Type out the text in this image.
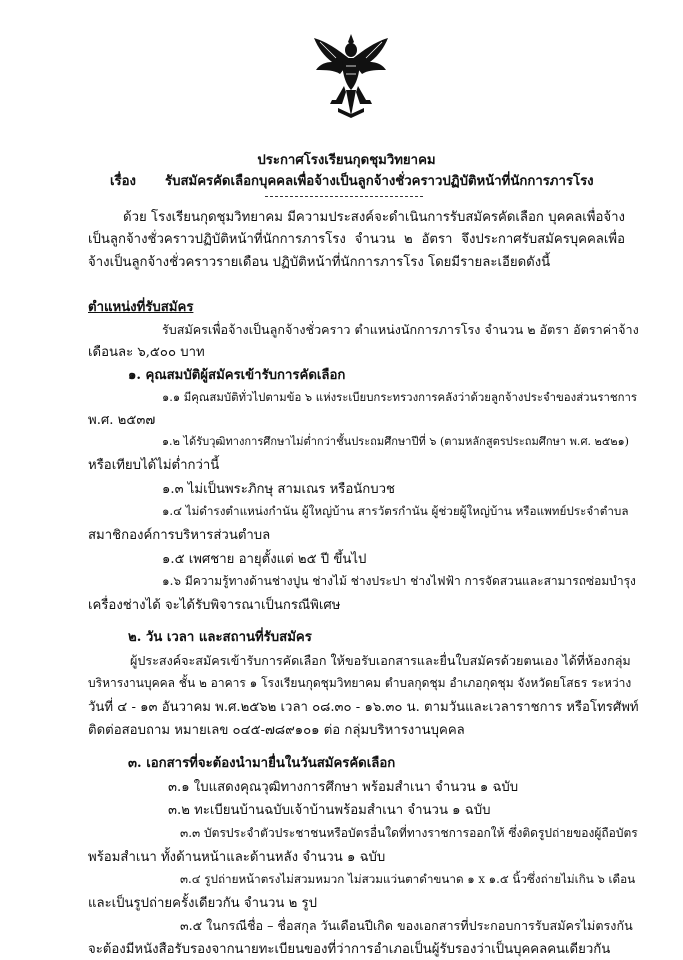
ประกาศโรงเรียนกุดชุมวิทยาคม
เรื่อง รับสมัครคัดเลือกบุคคลเพื่อจ้างเป็นลูกจ้างชั่วคราวปฏิบัติหน้าที่นักการภารโรง
ด้วย โรงเรียนกุดชุมวิทยาคม มีความประสงค์จะดำเนินการรับสมัครคัดเลือก บุคคลเพื่อจ้างเป็นลูกจ้างชั่วคราวปฏิบัติหน้าที่นักการภารโรง จำนวน ๒ อัตรา จึงประกาศรับสมัครบุคคลเพื่อจ้างเป็นลูกจ้างชั่วคราวรายเดือน ปฏิบัติหน้าที่นักการภารโรง โดยมีรายละเอียดดังนี้
ตำแหน่งที่รับสมัคร
รับสมัครเพื่อจ้างเป็นลูกจ้างชั่วคราว ตำแหน่งนักการภารโรง จำนวน ๒ อัตรา อัตราค่าจ้าง
เดือนละ ๖,๕๐๐ บาท
๑. คุณสมบัติผู้สมัครเข้ารับการคัดเลือก
๑.๑ มีคุณสมบัติทั่วไปตามข้อ ๖ แห่งระเบียบกระทรวงการคลังว่าด้วยลูกจ้างประจำของส่วนราชการ
พ.ศ. ๒๕๓๗
๑.๒ ได้รับวุฒิทางการศึกษาไม่ต่ำกว่าชั้นประถมศึกษาปีที่ ๖ (ตามหลักสูตรประถมศึกษา พ.ศ. ๒๕๒๑)
หรือเทียบได้ไม่ต่ำกว่านี้
๑.๓ ไม่เป็นพระภิกษุ สามเณร หรือนักบวช
๑.๔ ไม่ดำรงตำแหน่งกำนัน ผู้ใหญ่บ้าน สารวัตรกำนัน ผู้ช่วยผู้ใหญ่บ้าน หรือแพทย์ประจำตำบล
สมาชิกองค์การบริหารส่วนตำบล
๑.๕ เพศชาย อายุตั้งแต่ ๒๕ ปี ขึ้นไป
๑.๖ มีความรู้ทางด้านช่างปูน ช่างไม้ ช่างประปา ช่างไฟฟ้า การจัดสวนและสามารถซ่อมบำรุง
เครื่องช่างได้ จะได้รับพิจารณาเป็นกรณีพิเศษ
๒. วัน เวลา และสถานที่รับสมัคร
ผู้ประสงค์จะสมัครเข้ารับการคัดเลือก ให้ขอรับเอกสารและยื่นใบสมัครด้วยตนเอง ได้ที่ห้องกลุ่ม
บริหารงานบุคคล ชั้น ๒ อาคาร ๑ โรงเรียนกุดชุมวิทยาคม ตำบลกุดชุม อำเภอกุดชุม จังหวัดยโสธร ระหว่าง
วันที่ ๔ - ๑๓ อันวาคม พ.ศ.๒๕๖๒ เวลา ๐๘.๓๐ - ๑๖.๓๐ น. ตามวันและเวลาราชการ หรือโทรศัพท์
ติดต่อสอบถาม หมายเลข ๐๔๕-๗๘๙๑๐๑ ต่อ กลุ่มบริหารงานบุคคล
๓. เอกสารที่จะต้องนำมายื่นในวันสมัครคัดเลือก
๓.๑ ใบแสดงคุณวุฒิทางการศึกษา พร้อมสำเนา จำนวน ๑ ฉบับ
๓.๒ ทะเบียนบ้านฉบับเจ้าบ้านพร้อมสำเนา จำนวน ๑ ฉบับ
๓.๓ บัตรประจำตัวประชาชนหรือบัตรอื่นใดที่ทางราชการออกให้ ซึ่งติดรูปถ่ายของผู้ถือบัตร
พร้อมสำเนา ทั้งด้านหน้าและด้านหลัง จำนวน ๑ ฉบับ
๓.๔ รูปถ่ายหน้าตรงไม่สวมหมวก ไม่สวมแว่นตาดำขนาด ๑ x ๑.๕ นิ้วซึ่งถ่ายไม่เกิน ๖ เดือน
และเป็นรูปถ่ายครั้งเดียวกัน จำนวน ๒ รูป
๓.๕ ในกรณีชื่อ – ชื่อสกุล วันเดือนปีเกิด ของเอกสารที่ประกอบการรับสมัครไม่ตรงกัน
จะต้องมีหนังสือรับรองจากนายทะเบียนของที่ว่าการอำเภอเป็นผู้รับรองว่าเป็นบุคคลคนเดียวกัน
